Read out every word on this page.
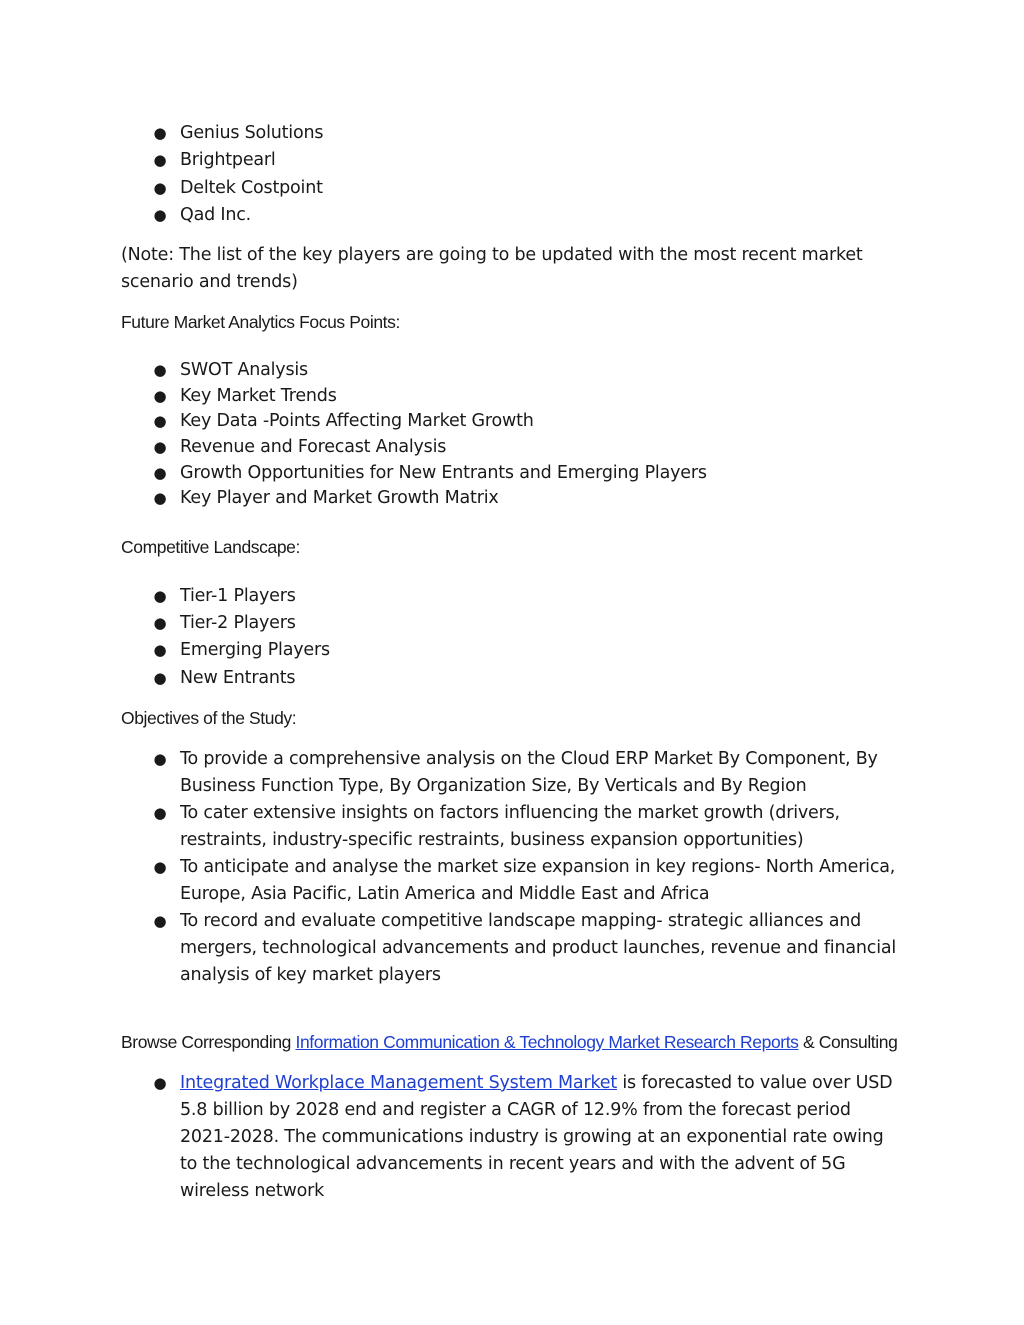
● Genius Solutions
● Brightpearl
● Deltek Costpoint
● Qad Inc.

(Note: The list of the key players are going to be updated with the most recent market scenario and trends)

Future Market Analytics Focus Points:

● SWOT Analysis
● Key Market Trends
● Key Data -Points Affecting Market Growth
● Revenue and Forecast Analysis
● Growth Opportunities for New Entrants and Emerging Players
● Key Player and Market Growth Matrix

Competitive Landscape:

● Tier-1 Players
● Tier-2 Players
● Emerging Players
● New Entrants

Objectives of the Study:

● To provide a comprehensive analysis on the Cloud ERP Market By Component, By Business Function Type, By Organization Size, By Verticals and By Region
● To cater extensive insights on factors influencing the market growth (drivers, restraints, industry-specific restraints, business expansion opportunities)
● To anticipate and analyse the market size expansion in key regions- North America, Europe, Asia Pacific, Latin America and Middle East and Africa
● To record and evaluate competitive landscape mapping- strategic alliances and mergers, technological advancements and product launches, revenue and financial analysis of key market players

Browse Corresponding Information Communication & Technology Market Research Reports & Consulting

● Integrated Workplace Management System Market is forecasted to value over USD 5.8 billion by 2028 end and register a CAGR of 12.9% from the forecast period 2021-2028. The communications industry is growing at an exponential rate owing to the technological advancements in recent years and with the advent of 5G wireless network
